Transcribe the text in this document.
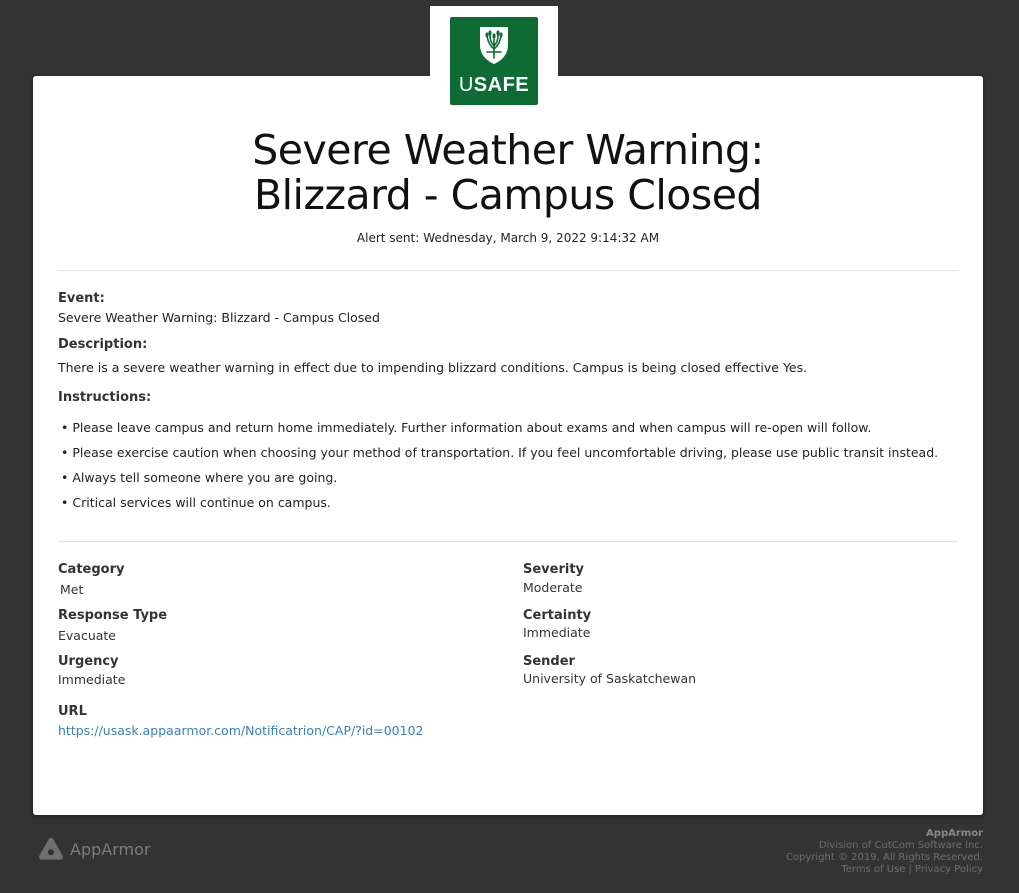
USAFE
Severe Weather Warning:
Blizzard - Campus Closed
Alert sent: Wednesday, March 9, 2022 9:14:32 AM
Event:
Severe Weather Warning: Blizzard - Campus Closed
Description:
There is a severe weather warning in effect due to impending blizzard conditions. Campus is being closed effective Yes.
Instructions:
• Please leave campus and return home immediately. Further information about exams and when campus will re-open will follow.
• Please exercise caution when choosing your method of transportation. If you feel uncomfortable driving, please use public transit instead.
• Always tell someone where you are going.
• Critical services will continue on campus.
Category
Met
Response Type
Evacuate
Urgency
Immediate
Severity
Moderate
Certainty
Immediate
Sender
University of Saskatchewan
URL
https://usask.appaarmor.com/Notificatrion/CAP/?id=00102
AppArmor
AppArmor
Division of CutCom Software Inc.
Copyright © 2019, All Rights Reserved.
Terms of Use | Privacy Policy
